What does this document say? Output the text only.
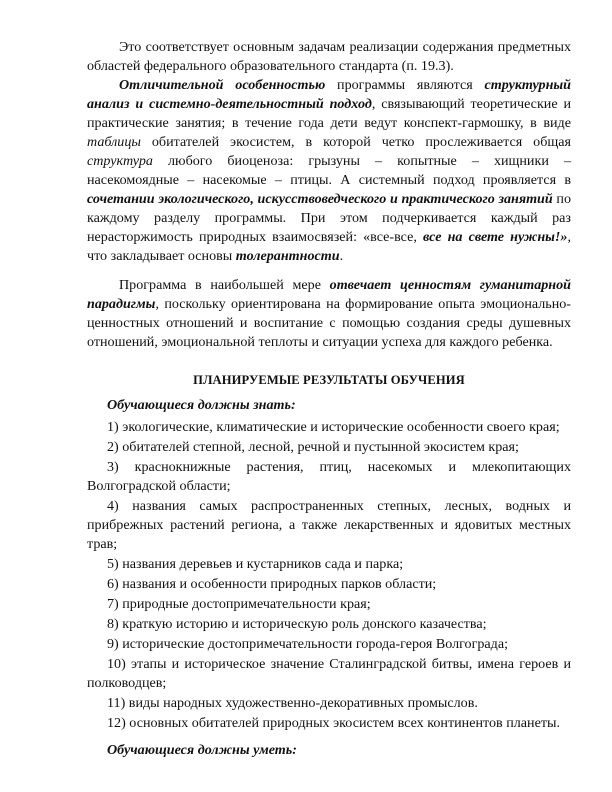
Это соответствует основным задачам реализации содержания предметных областей федерального образовательного стандарта (п. 19.3).

Отличительной особенностью программы являются структурный анализ и системно-деятельностный подход, связывающий теоретические и практические занятия; в течение года дети ведут конспект-гармошку, в виде таблицы обитателей экосистем, в которой четко прослеживается общая структура любого биоценоза: грызуны – копытные – хищники – насекомоядные – насекомые – птицы. А системный подход проявляется в сочетании экологического, искусствоведческого и практического занятий по каждому разделу программы. При этом подчеркивается каждый раз нерасторжимость природных взаимосвязей: «все-все, все на свете нужны!», что закладывает основы толерантности.

Программа в наибольшей мере отвечает ценностям гуманитарной парадигмы, поскольку ориентирована на формирование опыта эмоционально-ценностных отношений и воспитание с помощью создания среды душевных отношений, эмоциональной теплоты и ситуации успеха для каждого ребенка.

ПЛАНИРУЕМЫЕ РЕЗУЛЬТАТЫ ОБУЧЕНИЯ

Обучающиеся должны знать:

1) экологические, климатические и исторические особенности своего края;

2) обитателей степной, лесной, речной и пустынной экосистем края;

3) краснокнижные растения, птиц, насекомых и млекопитающих Волгоградской области;

4) названия самых распространенных степных, лесных, водных и прибрежных растений региона, а также лекарственных и ядовитых местных трав;

5) названия деревьев и кустарников сада и парка;

6) названия и особенности природных парков области;

7) природные достопримечательности края;

8) краткую историю и историческую роль донского казачества;

9) исторические достопримечательности города-героя Волгограда;

10) этапы и историческое значение Сталинградской битвы, имена героев и полководцев;

11) виды народных художественно-декоративных промыслов.

12) основных обитателей природных экосистем всех континентов планеты.

Обучающиеся должны уметь:
